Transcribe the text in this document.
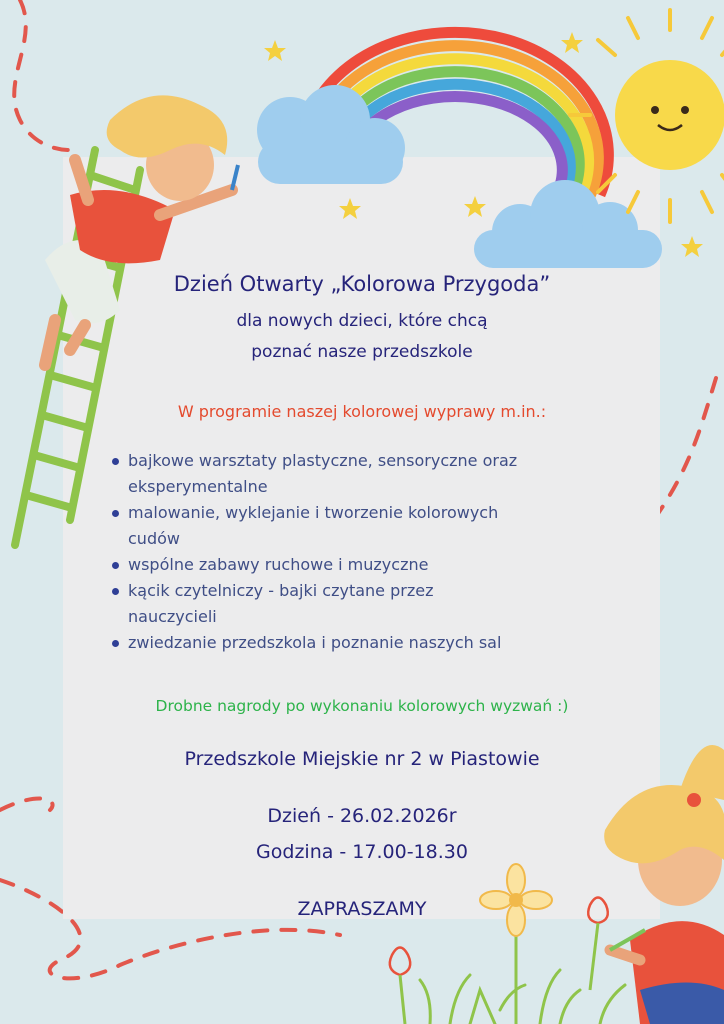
Dzień Otwarty „Kolorowa Przygoda”
dla nowych dzieci, które chcą
poznać nasze przedszkole
W programie naszej kolorowej wyprawy m.in.:
bajkowe warsztaty plastyczne, sensoryczne oraz
eksperymentalne
malowanie, wyklejanie i tworzenie kolorowych
cudów
wspólne zabawy ruchowe i muzyczne
kącik czytelniczy - bajki czytane przez
nauczycieli
zwiedzanie przedszkola i poznanie naszych sal
Drobne nagrody po wykonaniu kolorowych wyzwań :)
Przedszkole Miejskie nr 2 w Piastowie
Dzień - 26.02.2026r
Godzina - 17.00-18.30
ZAPRASZAMY
